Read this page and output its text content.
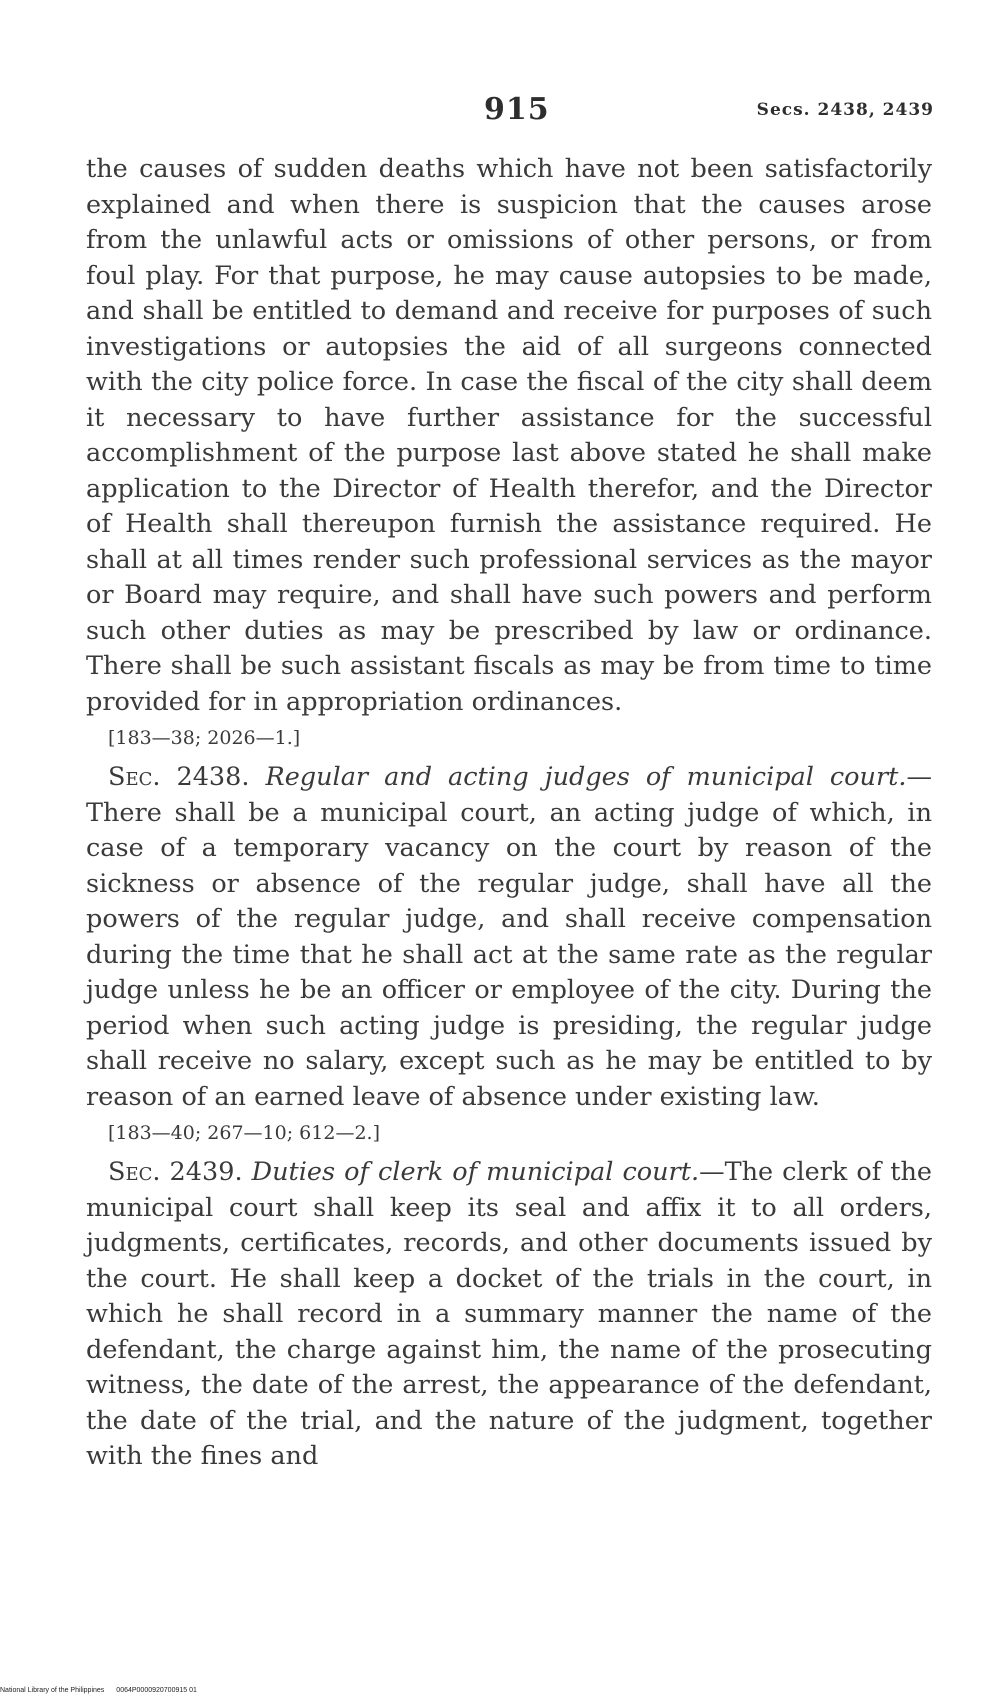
915	Secs. 2438, 2439

the causes of sudden deaths which have not been satisfactorily explained and when there is suspicion that the causes arose from the unlawful acts or omissions of other persons, or from foul play. For that purpose, he may cause autopsies to be made, and shall be entitled to demand and receive for purposes of such investigations or autopsies the aid of all surgeons connected with the city police force. In case the fiscal of the city shall deem it necessary to have further assistance for the successful accomplishment of the purpose last above stated he shall make application to the Director of Health therefor, and the Director of Health shall thereupon furnish the assistance required. He shall at all times render such professional services as the mayor or Board may require, and shall have such powers and perform such other duties as may be prescribed by law or ordinance. There shall be such assistant fiscals as may be from time to time provided for in appropriation ordinances.

[183—38; 2026—1.]

Sec. 2438. Regular and acting judges of municipal court.—There shall be a municipal court, an acting judge of which, in case of a temporary vacancy on the court by reason of the sickness or absence of the regular judge, shall have all the powers of the regular judge, and shall receive compensation during the time that he shall act at the same rate as the regular judge unless he be an officer or employee of the city. During the period when such acting judge is presiding, the regular judge shall receive no salary, except such as he may be entitled to by reason of an earned leave of absence under existing law.

[183—40; 267—10; 612—2.]

Sec. 2439. Duties of clerk of municipal court.—The clerk of the municipal court shall keep its seal and affix it to all orders, judgments, certificates, records, and other documents issued by the court. He shall keep a docket of the trials in the court, in which he shall record in a summary manner the name of the defendant, the charge against him, the name of the prosecuting witness, the date of the arrest, the appearance of the defendant, the date of the trial, and the nature of the judgment, together with the fines and

National Library of the Philippines 0064P0000920700915 01
